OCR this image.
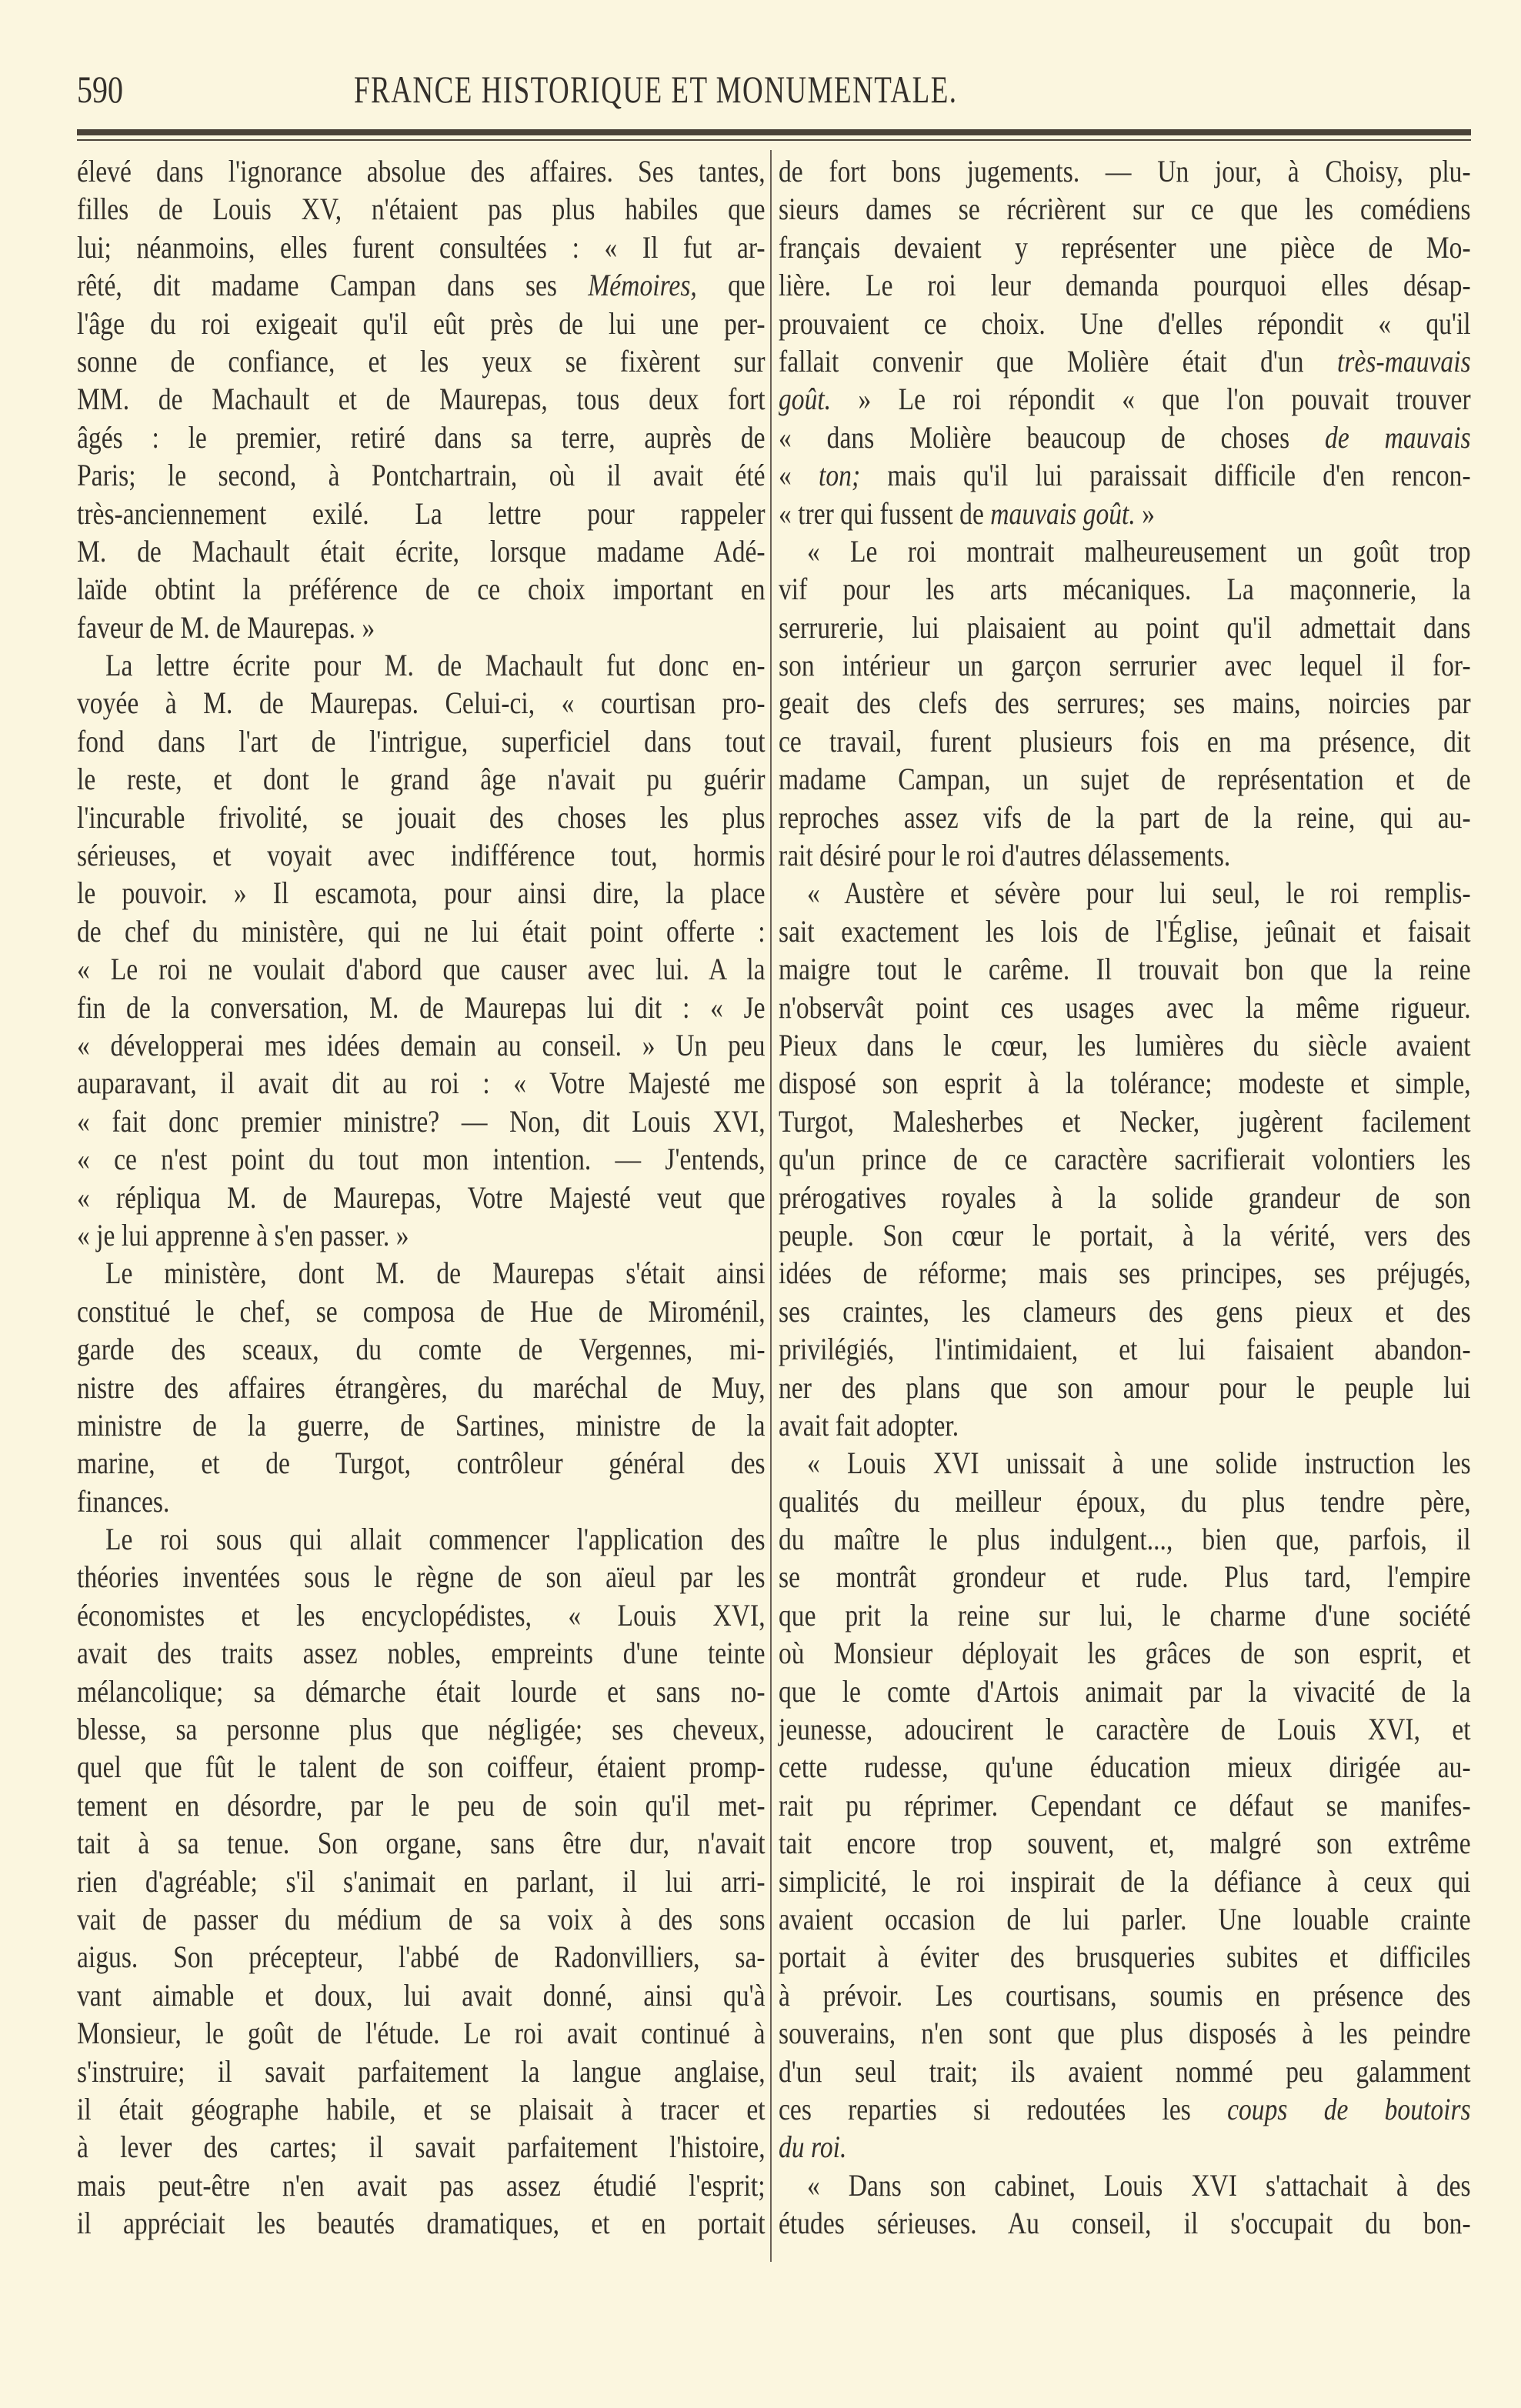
590	FRANCE HISTORIQUE ET MONUMENTALE.
élevé dans l'ignorance absolue des affaires. Ses tantes,
filles de Louis XV, n'étaient pas plus habiles que
lui; néanmoins, elles furent consultées : « Il fut ar-
rêté, dit madame Campan dans ses Mémoires, que
l'âge du roi exigeait qu'il eût près de lui une per-
sonne de confiance, et les yeux se fixèrent sur
MM. de Machault et de Maurepas, tous deux fort
âgés : le premier, retiré dans sa terre, auprès de
Paris; le second, à Pontchartrain, où il avait été
très-anciennement exilé. La lettre pour rappeler
M. de Machault était écrite, lorsque madame Adé-
laïde obtint la préférence de ce choix important en
faveur de M. de Maurepas. »
La lettre écrite pour M. de Machault fut donc en-
voyée à M. de Maurepas. Celui-ci, « courtisan pro-
fond dans l'art de l'intrigue, superficiel dans tout
le reste, et dont le grand âge n'avait pu guérir
l'incurable frivolité, se jouait des choses les plus
sérieuses, et voyait avec indifférence tout, hormis
le pouvoir. » Il escamota, pour ainsi dire, la place
de chef du ministère, qui ne lui était point offerte :
« Le roi ne voulait d'abord que causer avec lui. A la
fin de la conversation, M. de Maurepas lui dit : « Je
« développerai mes idées demain au conseil. » Un peu
auparavant, il avait dit au roi : « Votre Majesté me
« fait donc premier ministre? — Non, dit Louis XVI,
« ce n'est point du tout mon intention. — J'entends,
« répliqua M. de Maurepas, Votre Majesté veut que
« je lui apprenne à s'en passer. »
Le ministère, dont M. de Maurepas s'était ainsi
constitué le chef, se composa de Hue de Miroménil,
garde des sceaux, du comte de Vergennes, mi-
nistre des affaires étrangères, du maréchal de Muy,
ministre de la guerre, de Sartines, ministre de la
marine, et de Turgot, contrôleur général des
finances.
Le roi sous qui allait commencer l'application des
théories inventées sous le règne de son aïeul par les
économistes et les encyclopédistes, « Louis XVI,
avait des traits assez nobles, empreints d'une teinte
mélancolique; sa démarche était lourde et sans no-
blesse, sa personne plus que négligée; ses cheveux,
quel que fût le talent de son coiffeur, étaient promp-
tement en désordre, par le peu de soin qu'il met-
tait à sa tenue. Son organe, sans être dur, n'avait
rien d'agréable; s'il s'animait en parlant, il lui arri-
vait de passer du médium de sa voix à des sons
aigus. Son précepteur, l'abbé de Radonvilliers, sa-
vant aimable et doux, lui avait donné, ainsi qu'à
Monsieur, le goût de l'étude. Le roi avait continué à
s'instruire; il savait parfaitement la langue anglaise,
il était géographe habile, et se plaisait à tracer et
à lever des cartes; il savait parfaitement l'histoire,
mais peut-être n'en avait pas assez étudié l'esprit;
il appréciait les beautés dramatiques, et en portait
de fort bons jugements. — Un jour, à Choisy, plu-
sieurs dames se récrièrent sur ce que les comédiens
français devaient y représenter une pièce de Mo-
lière. Le roi leur demanda pourquoi elles désap-
prouvaient ce choix. Une d'elles répondit « qu'il
fallait convenir que Molière était d'un très-mauvais
goût. » Le roi répondit « que l'on pouvait trouver
« dans Molière beaucoup de choses de mauvais
« ton; mais qu'il lui paraissait difficile d'en rencon-
« trer qui fussent de mauvais goût. »
« Le roi montrait malheureusement un goût trop
vif pour les arts mécaniques. La maçonnerie, la
serrurerie, lui plaisaient au point qu'il admettait dans
son intérieur un garçon serrurier avec lequel il for-
geait des clefs des serrures; ses mains, noircies par
ce travail, furent plusieurs fois en ma présence, dit
madame Campan, un sujet de représentation et de
reproches assez vifs de la part de la reine, qui au-
rait désiré pour le roi d'autres délassements.
« Austère et sévère pour lui seul, le roi remplis-
sait exactement les lois de l'Église, jeûnait et faisait
maigre tout le carême. Il trouvait bon que la reine
n'observât point ces usages avec la même rigueur.
Pieux dans le cœur, les lumières du siècle avaient
disposé son esprit à la tolérance; modeste et simple,
Turgot, Malesherbes et Necker, jugèrent facilement
qu'un prince de ce caractère sacrifierait volontiers les
prérogatives royales à la solide grandeur de son
peuple. Son cœur le portait, à la vérité, vers des
idées de réforme; mais ses principes, ses préjugés,
ses craintes, les clameurs des gens pieux et des
privilégiés, l'intimidaient, et lui faisaient abandon-
ner des plans que son amour pour le peuple lui
avait fait adopter.
« Louis XVI unissait à une solide instruction les
qualités du meilleur époux, du plus tendre père,
du maître le plus indulgent..., bien que, parfois, il
se montrât grondeur et rude. Plus tard, l'empire
que prit la reine sur lui, le charme d'une société
où Monsieur déployait les grâces de son esprit, et
que le comte d'Artois animait par la vivacité de la
jeunesse, adoucirent le caractère de Louis XVI, et
cette rudesse, qu'une éducation mieux dirigée au-
rait pu réprimer. Cependant ce défaut se manifes-
tait encore trop souvent, et, malgré son extrême
simplicité, le roi inspirait de la défiance à ceux qui
avaient occasion de lui parler. Une louable crainte
portait à éviter des brusqueries subites et difficiles
à prévoir. Les courtisans, soumis en présence des
souverains, n'en sont que plus disposés à les peindre
d'un seul trait; ils avaient nommé peu galamment
ces reparties si redoutées les coups de boutoirs
du roi.
« Dans son cabinet, Louis XVI s'attachait à des
études sérieuses. Au conseil, il s'occupait du bon-
